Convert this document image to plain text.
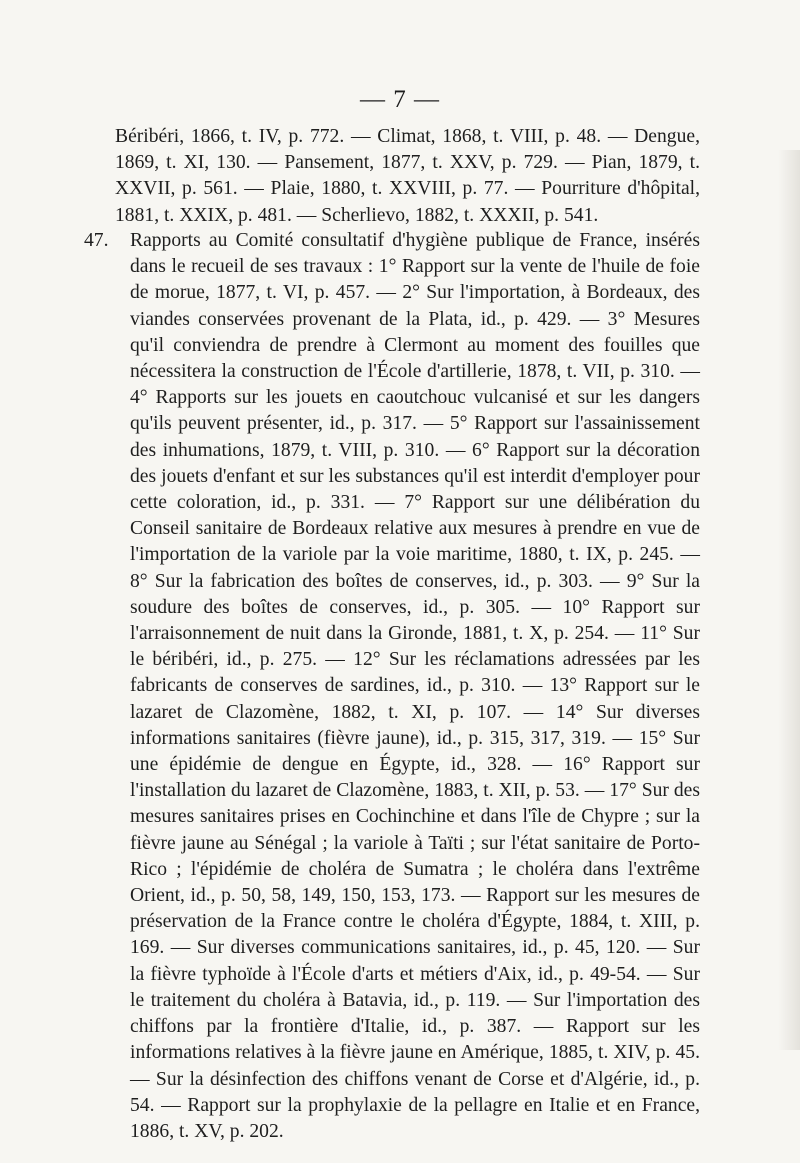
— 7 —
Béribéri, 1866, t. IV, p. 772. — Climat, 1868, t. VIII, p. 48. — Dengue, 1869, t. XI, 130. — Pansement, 1877, t. XXV, p. 729. — Pian, 1879, t. XXVII, p. 561. — Plaie, 1880, t. XXVIII, p. 77. — Pourriture d'hôpital, 1881, t. XXIX, p. 481. — Scherlievo, 1882, t. XXXII, p. 541.
47. Rapports au Comité consultatif d'hygiène publique de France, insérés dans le recueil de ses travaux : 1° Rapport sur la vente de l'huile de foie de morue, 1877, t. VI, p. 457. — 2° Sur l'importation, à Bordeaux, des viandes conservées provenant de la Plata, id., p. 429. — 3° Mesures qu'il conviendra de prendre à Clermont au moment des fouilles que nécessitera la construction de l'École d'artillerie, 1878, t. VII, p. 310. — 4° Rapports sur les jouets en caoutchouc vulcanisé et sur les dangers qu'ils peuvent présenter, id., p. 317. — 5° Rapport sur l'assainissement des inhumations, 1879, t. VIII, p. 310. — 6° Rapport sur la décoration des jouets d'enfant et sur les substances qu'il est interdit d'employer pour cette coloration, id., p. 331. — 7° Rapport sur une délibération du Conseil sanitaire de Bordeaux relative aux mesures à prendre en vue de l'importation de la variole par la voie maritime, 1880, t. IX, p. 245. — 8° Sur la fabrication des boîtes de conserves, id., p. 303. — 9° Sur la soudure des boîtes de conserves, id., p. 305. — 10° Rapport sur l'arraisonnement de nuit dans la Gironde, 1881, t. X, p. 254. — 11° Sur le béribéri, id., p. 275. — 12° Sur les réclamations adressées par les fabricants de conserves de sardines, id., p. 310. — 13° Rapport sur le lazaret de Clazomène, 1882, t. XI, p. 107. — 14° Sur diverses informations sanitaires (fièvre jaune), id., p. 315, 317, 319. — 15° Sur une épidémie de dengue en Égypte, id., 328. — 16° Rapport sur l'installation du lazaret de Clazomène, 1883, t. XII, p. 53. — 17° Sur des mesures sanitaires prises en Cochinchine et dans l'île de Chypre ; sur la fièvre jaune au Sénégal ; la variole à Taïti ; sur l'état sanitaire de Porto-Rico ; l'épidémie de choléra de Sumatra ; le choléra dans l'extrême Orient, id., p. 50, 58, 149, 150, 153, 173. — Rapport sur les mesures de préservation de la France contre le choléra d'Égypte, 1884, t. XIII, p. 169. — Sur diverses communications sanitaires, id., p. 45, 120. — Sur la fièvre typhoïde à l'École d'arts et métiers d'Aix, id., p. 49-54. — Sur le traitement du choléra à Batavia, id., p. 119. — Sur l'importation des chiffons par la frontière d'Italie, id., p. 387. — Rapport sur les informations relatives à la fièvre jaune en Amérique, 1885, t. XIV, p. 45. — Sur la désinfection des chiffons venant de Corse et d'Algérie, id., p. 54. — Rapport sur la prophylaxie de la pellagre en Italie et en France, 1886, t. XV, p. 202.
